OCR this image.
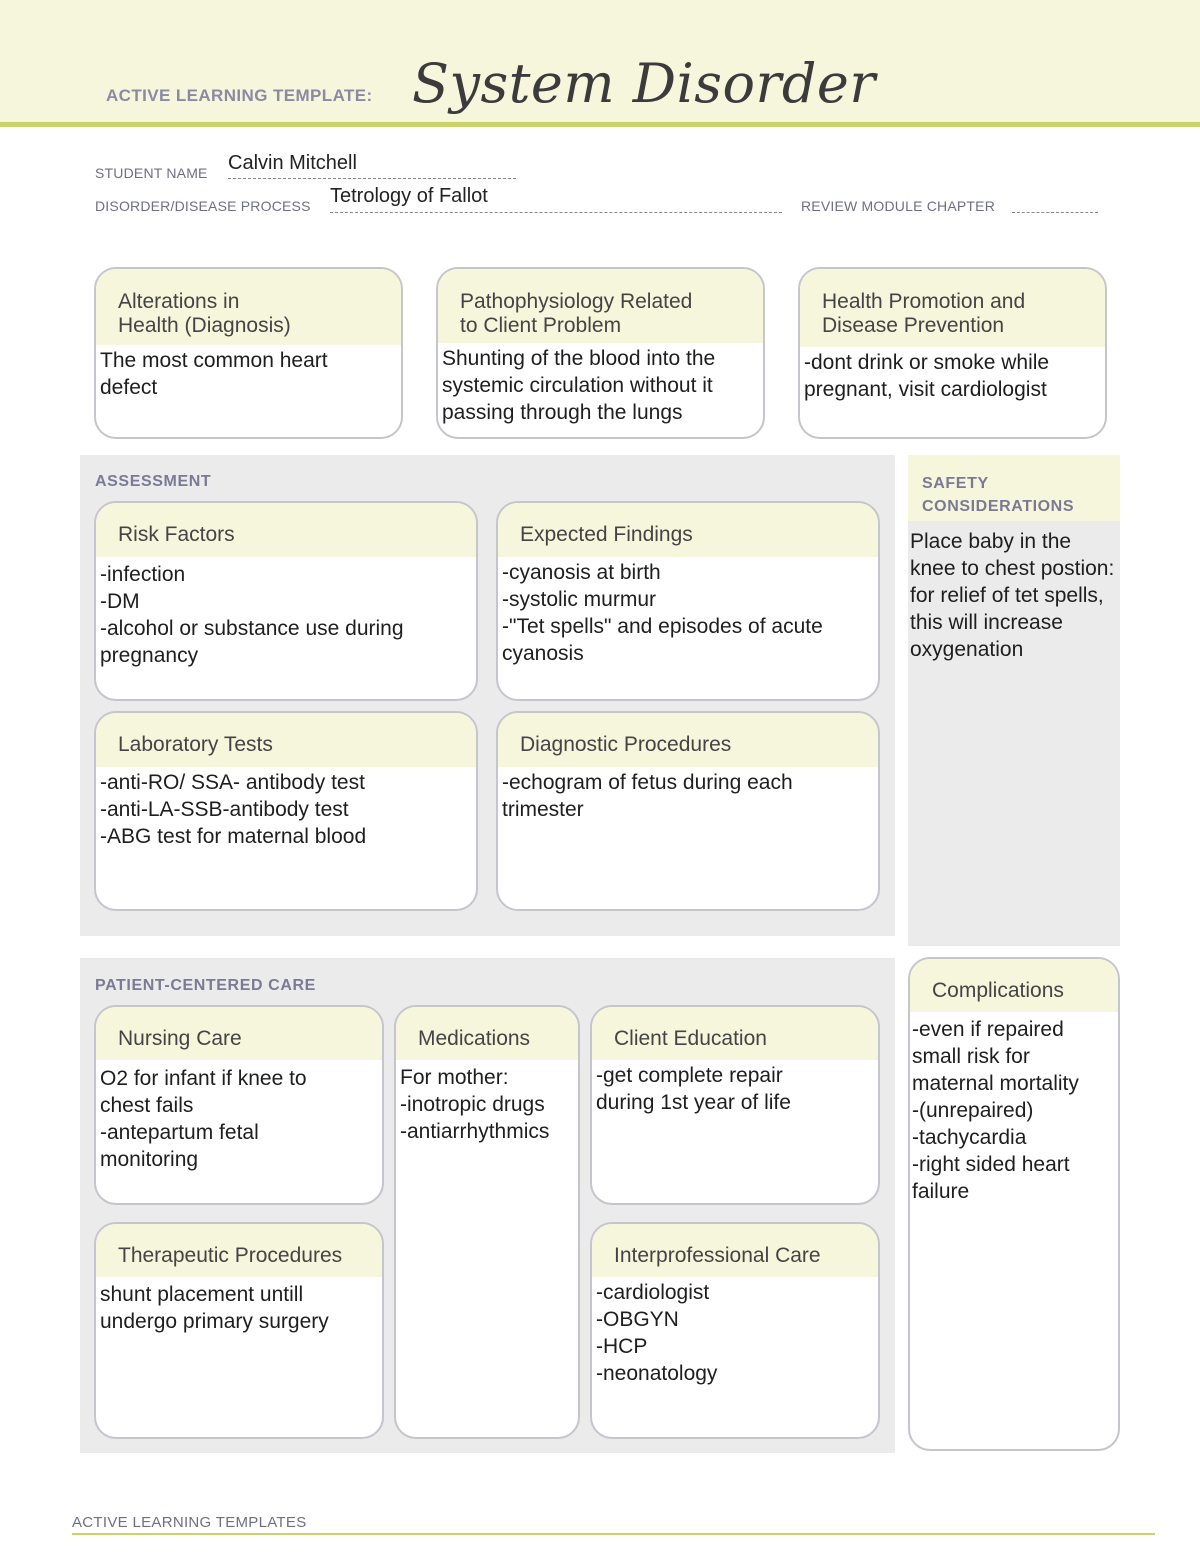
ACTIVE LEARNING TEMPLATE: System Disorder
STUDENT NAME Calvin Mitchell
DISORDER/DISEASE PROCESS Tetrology of Fallot	REVIEW MODULE CHAPTER
Alterations in
Health (Diagnosis)
The most common heart
defect
Pathophysiology Related
to Client Problem
Shunting of the blood into the
systemic circulation without it
passing through the lungs
Health Promotion and
Disease Prevention
-dont drink or smoke while
pregnant, visit cardiologist
ASSESSMENT
Risk Factors
-infection
-DM
-alcohol or substance use during
pregnancy
Expected Findings
-cyanosis at birth
-systolic murmur
-"Tet spells" and episodes of acute
cyanosis
Laboratory Tests
-anti-RO/ SSA- antibody test
-anti-LA-SSB-antibody test
-ABG test for maternal blood
Diagnostic Procedures
-echogram of fetus during each
trimester
SAFETY
CONSIDERATIONS
Place baby in the knee to chest postion: for relief of tet spells, this will increase oxygenation
PATIENT-CENTERED CARE
Nursing Care
O2 for infant if knee to
chest fails
-antepartum fetal
monitoring
Medications
For mother:
-inotropic drugs
-antiarrhythmics
Client Education
-get complete repair
during 1st year of life
Therapeutic Procedures
shunt placement untill
undergo primary surgery
Interprofessional Care
-cardiologist
-OBGYN
-HCP
-neonatology
Complications
-even if repaired
small risk for
maternal mortality
-(unrepaired)
-tachycardia
-right sided heart
failure
ACTIVE LEARNING TEMPLATES
